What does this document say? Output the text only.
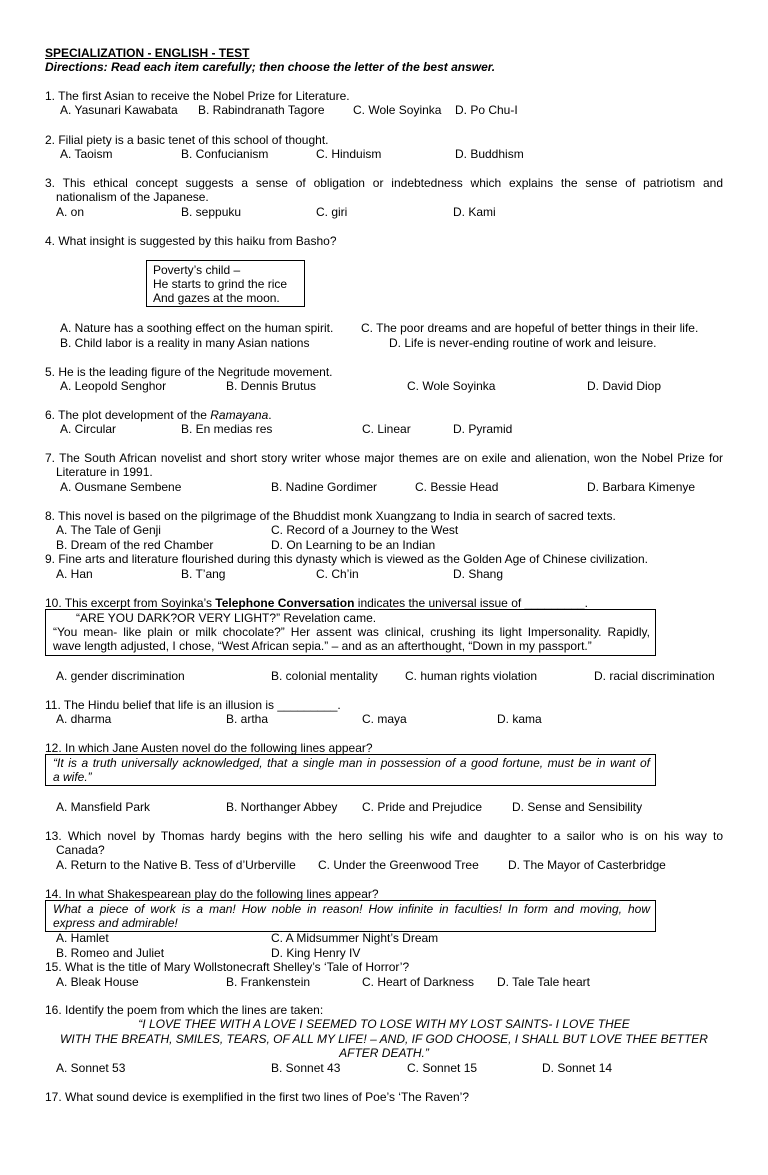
SPECIALIZATION - ENGLISH - TEST
Directions: Read each item carefully; then choose the letter of the best answer.
1. The first Asian to receive the Nobel Prize for Literature.
A. Yasunari Kawabata B. Rabindranath Tagore C. Wole Soyinka D. Po Chu-I
2. Filial piety is a basic tenet of this school of thought.
A. Taoism	B. Confucianism	C. Hinduism	D. Buddhism
3. This ethical concept suggests a sense of obligation or indebtedness which explains the sense of patriotism and
nationalism of the Japanese.
A. on	B. seppuku	C. giri	D. Kami
4. What insight is suggested by this haiku from Basho?
Poverty’s child –
He starts to grind the rice
And gazes at the moon.
A. Nature has a soothing effect on the human spirit. C. The poor dreams and are hopeful of better things in their life.
B. Child labor is a reality in many Asian nations	D. Life is never-ending routine of work and leisure.
5. He is the leading figure of the Negritude movement.
A. Leopold Senghor	B. Dennis Brutus	C. Wole Soyinka	D. David Diop
6. The plot development of the Ramayana.
A. Circular	B. En medias res	C. Linear	D. Pyramid
7. The South African novelist and short story writer whose major themes are on exile and alienation, won the Nobel Prize for
Literature in 1991.
A. Ousmane Sembene	B. Nadine Gordimer	C. Bessie Head	D. Barbara Kimenye
8. This novel is based on the pilgrimage of the Bhuddist monk Xuangzang to India in search of sacred texts.
A. The Tale of Genji	C. Record of a Journey to the West
B. Dream of the red Chamber	D. On Learning to be an Indian
9. Fine arts and literature flourished during this dynasty which is viewed as the Golden Age of Chinese civilization.
A. Han	B. T’ang	C. Ch’in	D. Shang
10. This excerpt from Soyinka’s Telephone Conversation indicates the universal issue of _________.
“ARE YOU DARK?OR VERY LIGHT?” Revelation came.
“You mean- like plain or milk chocolate?” Her assent was clinical, crushing its light Impersonality. Rapidly,
wave length adjusted, I chose, “West African sepia.” – and as an afterthought, “Down in my passport.”
A. gender discrimination	B. colonial mentality C. human rights violation	D. racial discrimination
11. The Hindu belief that life is an illusion is _________.
A. dharma	B. artha	C. maya	D. kama
12. In which Jane Austen novel do the following lines appear?
“It is a truth universally acknowledged, that a single man in possession of a good fortune, must be in want of
a wife.”
A. Mansfield Park	B. Northanger Abbey C. Pride and Prejudice D. Sense and Sensibility
13. Which novel by Thomas hardy begins with the hero selling his wife and daughter to a sailor who is on his way to
Canada?
A. Return to the Native B. Tess of d’Urberville C. Under the Greenwood Tree D. The Mayor of Casterbridge
14. In what Shakespearean play do the following lines appear?
What a piece of work is a man! How noble in reason! How infinite in faculties! In form and moving, how
express and admirable!
A. Hamlet	C. A Midsummer Night’s Dream
B. Romeo and Juliet	D. King Henry IV
15. What is the title of Mary Wollstonecraft Shelley’s ‘Tale of Horror’?
A. Bleak House	B. Frankenstein	C. Heart of Darkness D. Tale Tale heart
16. Identify the poem from which the lines are taken:
“I LOVE THEE WITH A LOVE I SEEMED TO LOSE WITH MY LOST SAINTS- I LOVE THEE
WITH THE BREATH, SMILES, TEARS, OF ALL MY LIFE! – AND, IF GOD CHOOSE, I SHALL BUT LOVE THEE BETTER
AFTER DEATH.”
A. Sonnet 53	B. Sonnet 43	C. Sonnet 15	D. Sonnet 14
17. What sound device is exemplified in the first two lines of Poe’s ‘The Raven’?
